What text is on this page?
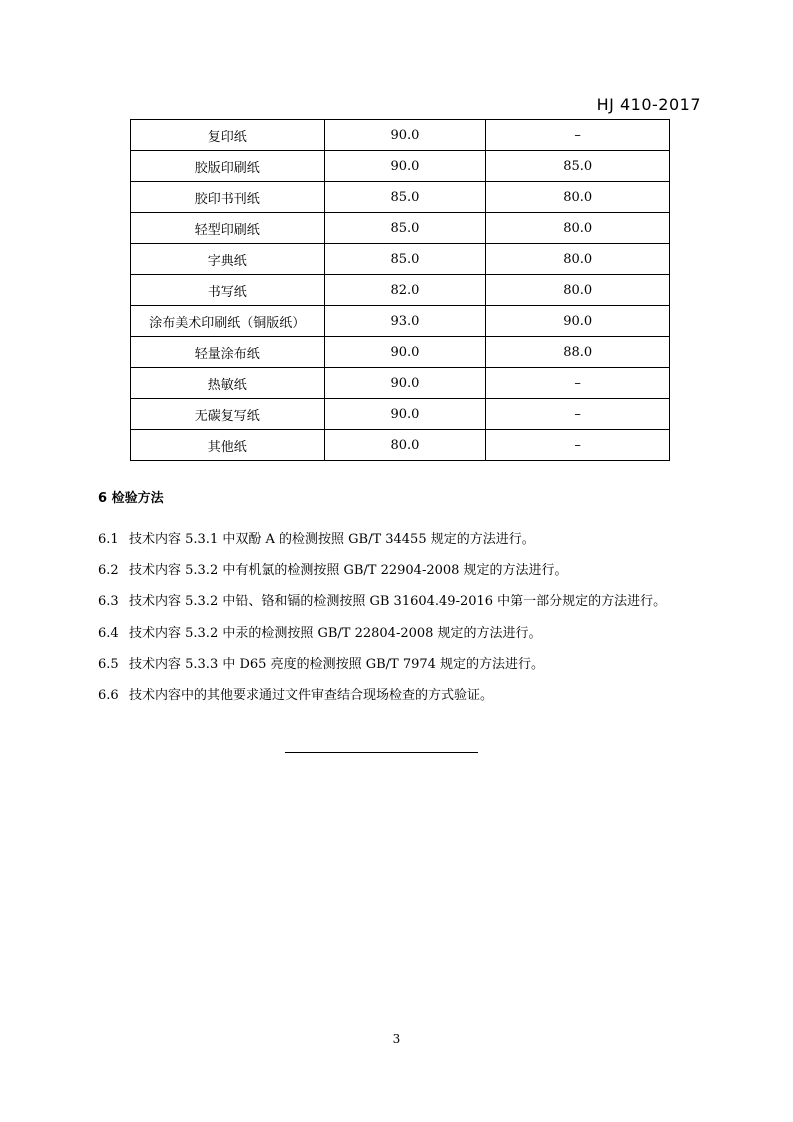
HJ 410-2017
复印纸	90.0	–
胶版印刷纸	90.0	85.0
胶印书刊纸	85.0	80.0
轻型印刷纸	85.0	80.0
字典纸	85.0	80.0
书写纸	82.0	80.0
涂布美术印刷纸（铜版纸）	93.0	90.0
轻量涂布纸	90.0	88.0
热敏纸	90.0	–
无碳复写纸	90.0	–
其他纸	80.0	–
6 检验方法
6.1 技术内容 5.3.1 中双酚 A 的检测按照 GB/T 34455 规定的方法进行。
6.2 技术内容 5.3.2 中有机氯的检测按照 GB/T 22904-2008 规定的方法进行。
6.3 技术内容 5.3.2 中铅、铬和镉的检测按照 GB 31604.49-2016 中第一部分规定的方法进行。
6.4 技术内容 5.3.2 中汞的检测按照 GB/T 22804-2008 规定的方法进行。
6.5 技术内容 5.3.3 中 D65 亮度的检测按照 GB/T 7974 规定的方法进行。
6.6 技术内容中的其他要求通过文件审查结合现场检查的方式验证。
3
